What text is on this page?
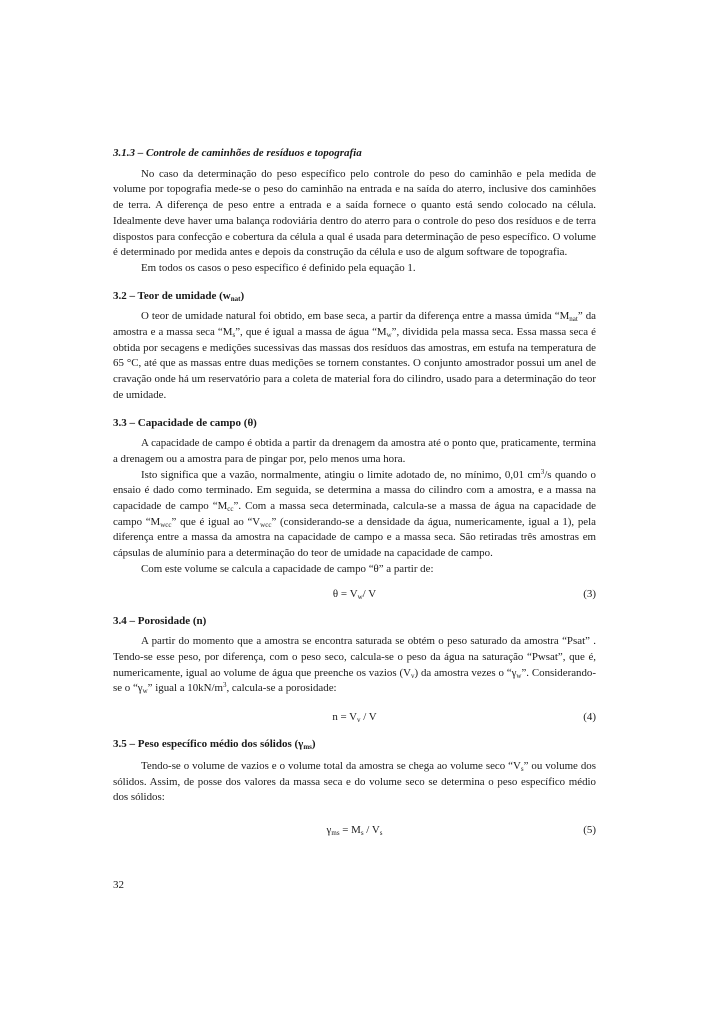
3.1.3 – Controle de caminhões de resíduos e topografia

No caso da determinação do peso específico pelo controle do peso do caminhão e pela medida de volume por topografia mede-se o peso do caminhão na entrada e na saída do aterro, inclusive dos caminhões de terra. A diferença de peso entre a entrada e a saída fornece o quanto está sendo colocado na célula. Idealmente deve haver uma balança rodoviária dentro do aterro para o controle do peso dos resíduos e de terra dispostos para confecção e cobertura da célula a qual é usada para determinação de peso específico. O volume é determinado por medida antes e depois da construção da célula e uso de algum software de topografia.

Em todos os casos o peso específico é definido pela equação 1.

3.2 – Teor de umidade $(w_{nat})$

O teor de umidade natural foi obtido, em base seca, a partir da diferença entre a massa úmida “$M_{nat}$” da amostra e a massa seca “$M_s$”, que é igual a massa de água “$M_w$”, dividida pela massa seca. Essa massa seca é obtida por secagens e medições sucessivas das massas dos resíduos das amostras, em estufa na temperatura de 65 °C, até que as massas entre duas medições se tornem constantes. O conjunto amostrador possui um anel de cravação onde há um reservatório para a coleta de material fora do cilindro, usado para a determinação do teor de umidade.

3.3 – Capacidade de campo (θ)

A capacidade de campo é obtida a partir da drenagem da amostra até o ponto que, praticamente, termina a drenagem ou a amostra para de pingar por, pelo menos uma hora.

Isto significa que a vazão, normalmente, atingiu o limite adotado de, no mínimo, 0,01 $cm^3/s$ quando o ensaio é dado como terminado. Em seguida, se determina a massa do cilindro com a amostra, e a massa na capacidade de campo “$M_{cc}$”. Com a massa seca determinada, calcula-se a massa de água na capacidade de campo “$M_{wcc}$” que é igual ao “$V_{wcc}$” (considerando-se a densidade da água, numericamente, igual a 1), pela diferença entre a massa da amostra na capacidade de campo e a massa seca. São retiradas três amostras em cápsulas de alumínio para a determinação do teor de umidade na capacidade de campo.

Com este volume se calcula a capacidade de campo “θ” a partir de:

$\theta = V_w/$ V	(3)
3.4 – Porosidade (n)

A partir do momento que a amostra se encontra saturada se obtém o peso saturado da amostra “Psat” . Tendo-se esse peso, por diferença, com o peso seco, calcula-se o peso da água na saturação “Pwsat”, que é, numericamente, igual ao volume de água que preenche os vazios $(V_v)$ da amostra vezes o “$\gamma_w$”. Considerando-se o “$\gamma_w$” igual a $10kN/m^3$, calcula-se a porosidade:

$n = V_v / V$	(4)
3.5 – Peso específico médio dos sólidos $(\gamma_{ms})$

Tendo-se o volume de vazios e o volume total da amostra se chega ao volume seco “$V_s$” ou volume dos sólidos. Assim, de posse dos valores da massa seca e do volume seco se determina o peso específico médio dos sólidos:

$\gamma_{ms} = M_s / V_s$	(5)
32
